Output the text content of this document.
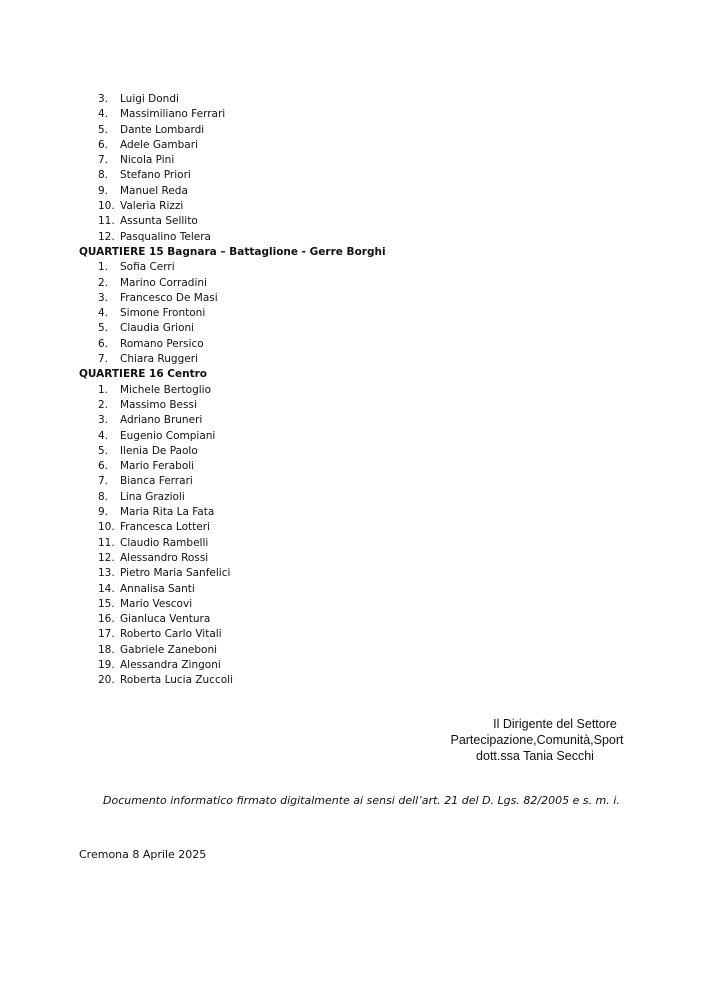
3.	Luigi Dondi
4.	Massimiliano Ferrari
5.	Dante Lombardi
6.	Adele Gambari
7.	Nicola Pini
8.	Stefano Priori
9.	Manuel Reda
10. Valeria Rizzi
11. Assunta Sellito
12. Pasqualino Telera
QUARTIERE 15 Bagnara – Battaglione - Gerre Borghi
1.	Sofia Cerri
2.	Marino Corradini
3.	Francesco De Masi
4.	Simone Frontoni
5.	Claudia Grioni
6.	Romano Persico
7.	Chiara Ruggeri
QUARTIERE 16 Centro
1.	Michele Bertoglio
2.	Massimo Bessi
3.	Adriano Bruneri
4.	Eugenio Compiani
5.	Ilenia De Paolo
6.	Mario Feraboli
7.	Bianca Ferrari
8.	Lina Grazioli
9.	Maria Rita La Fata
10. Francesca Lotteri
11. Claudio Rambelli
12. Alessandro Rossi
13. Pietro Maria Sanfelici
14. Annalisa Santi
15. Mario Vescovi
16. Gianluca Ventura
17. Roberto Carlo Vitali
18. Gabriele Zaneboni
19. Alessandra Zingoni
20. Roberta Lucia Zuccoli
Il Dirigente del Settore
Partecipazione,Comunità,Sport
dott.ssa Tania Secchi
Documento informatico firmato digitalmente ai sensi dell’art. 21 del D. Lgs. 82/2005 e s. m. i.
Cremona 8 Aprile 2025
